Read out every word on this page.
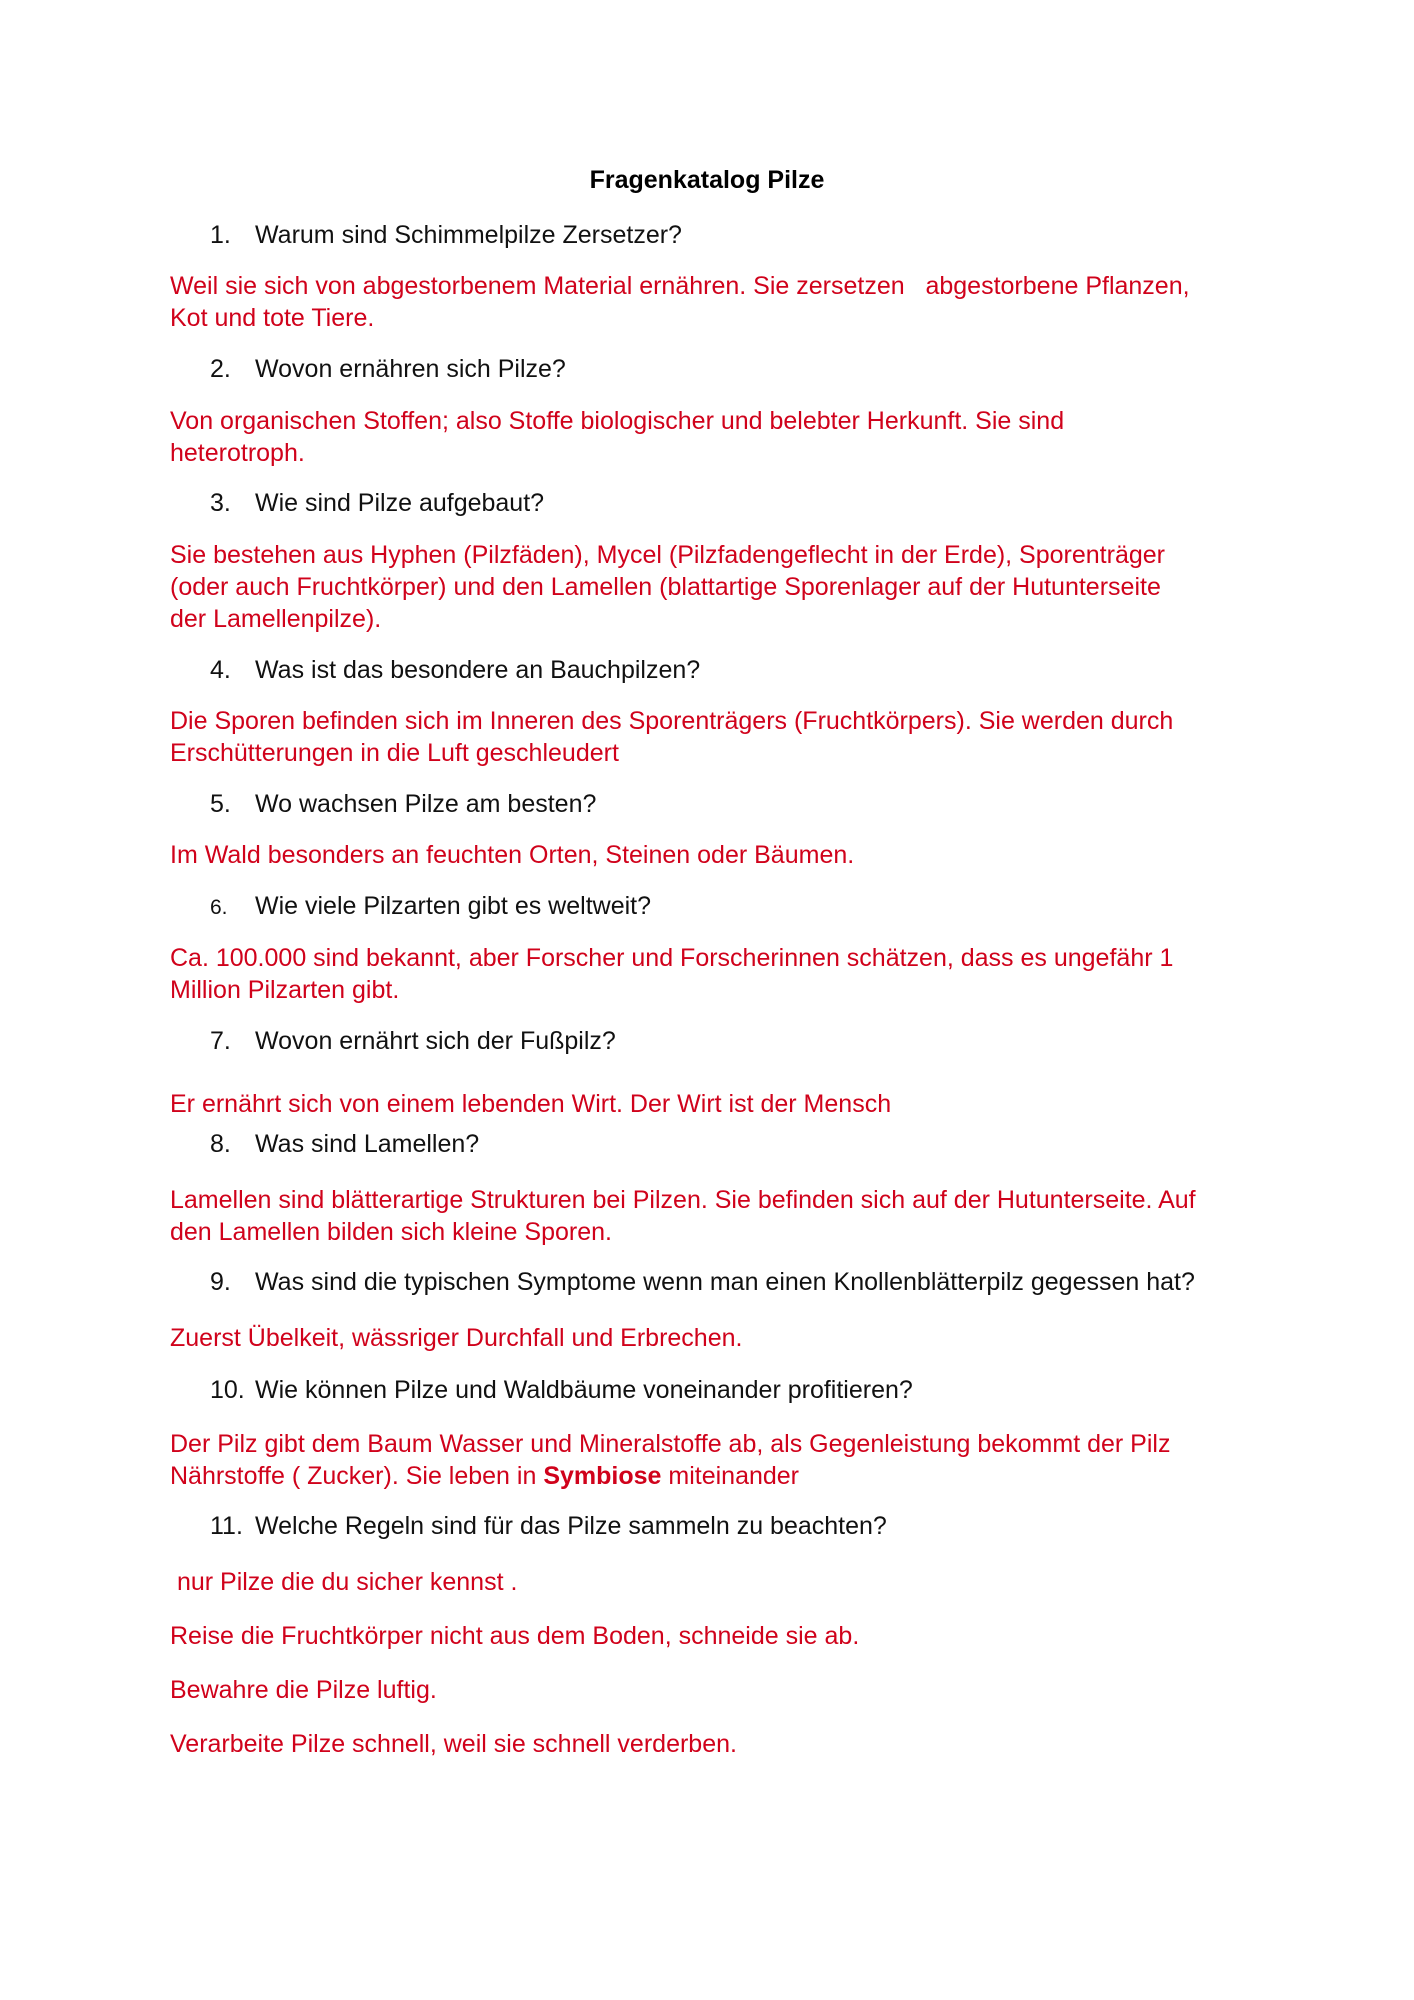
Fragenkatalog Pilze
1. Warum sind Schimmelpilze Zersetzer?
Weil sie sich von abgestorbenem Material ernähren. Sie zersetzen   abgestorbene Pflanzen,
Kot und tote Tiere.
2. Wovon ernähren sich Pilze?
Von organischen Stoffen; also Stoffe biologischer und belebter Herkunft. Sie sind
heterotroph.
3. Wie sind Pilze aufgebaut?
Sie bestehen aus Hyphen (Pilzfäden), Mycel (Pilzfadengeflecht in der Erde), Sporenträger
(oder auch Fruchtkörper) und den Lamellen (blattartige Sporenlager auf der Hutunterseite
der Lamellenpilze).
4. Was ist das besondere an Bauchpilzen?
Die Sporen befinden sich im Inneren des Sporenträgers (Fruchtkörpers). Sie werden durch
Erschütterungen in die Luft geschleudert
5. Wo wachsen Pilze am besten?
Im Wald besonders an feuchten Orten, Steinen oder Bäumen.
6. Wie viele Pilzarten gibt es weltweit?
Ca. 100.000 sind bekannt, aber Forscher und Forscherinnen schätzen, dass es ungefähr 1
Million Pilzarten gibt.
7. Wovon ernährt sich der Fußpilz?
Er ernährt sich von einem lebenden Wirt. Der Wirt ist der Mensch
8. Was sind Lamellen?
Lamellen sind blätterartige Strukturen bei Pilzen. Sie befinden sich auf der Hutunterseite. Auf
den Lamellen bilden sich kleine Sporen.
9. Was sind die typischen Symptome wenn man einen Knollenblätterpilz gegessen hat?
Zuerst Übelkeit, wässriger Durchfall und Erbrechen.
10. Wie können Pilze und Waldbäume voneinander profitieren?
Der Pilz gibt dem Baum Wasser und Mineralstoffe ab, als Gegenleistung bekommt der Pilz
Nährstoffe ( Zucker). Sie leben in Symbiose miteinander
11. Welche Regeln sind für das Pilze sammeln zu beachten?
nur Pilze die du sicher kennst .
Reise die Fruchtkörper nicht aus dem Boden, schneide sie ab.
Bewahre die Pilze luftig.
Verarbeite Pilze schnell, weil sie schnell verderben.
